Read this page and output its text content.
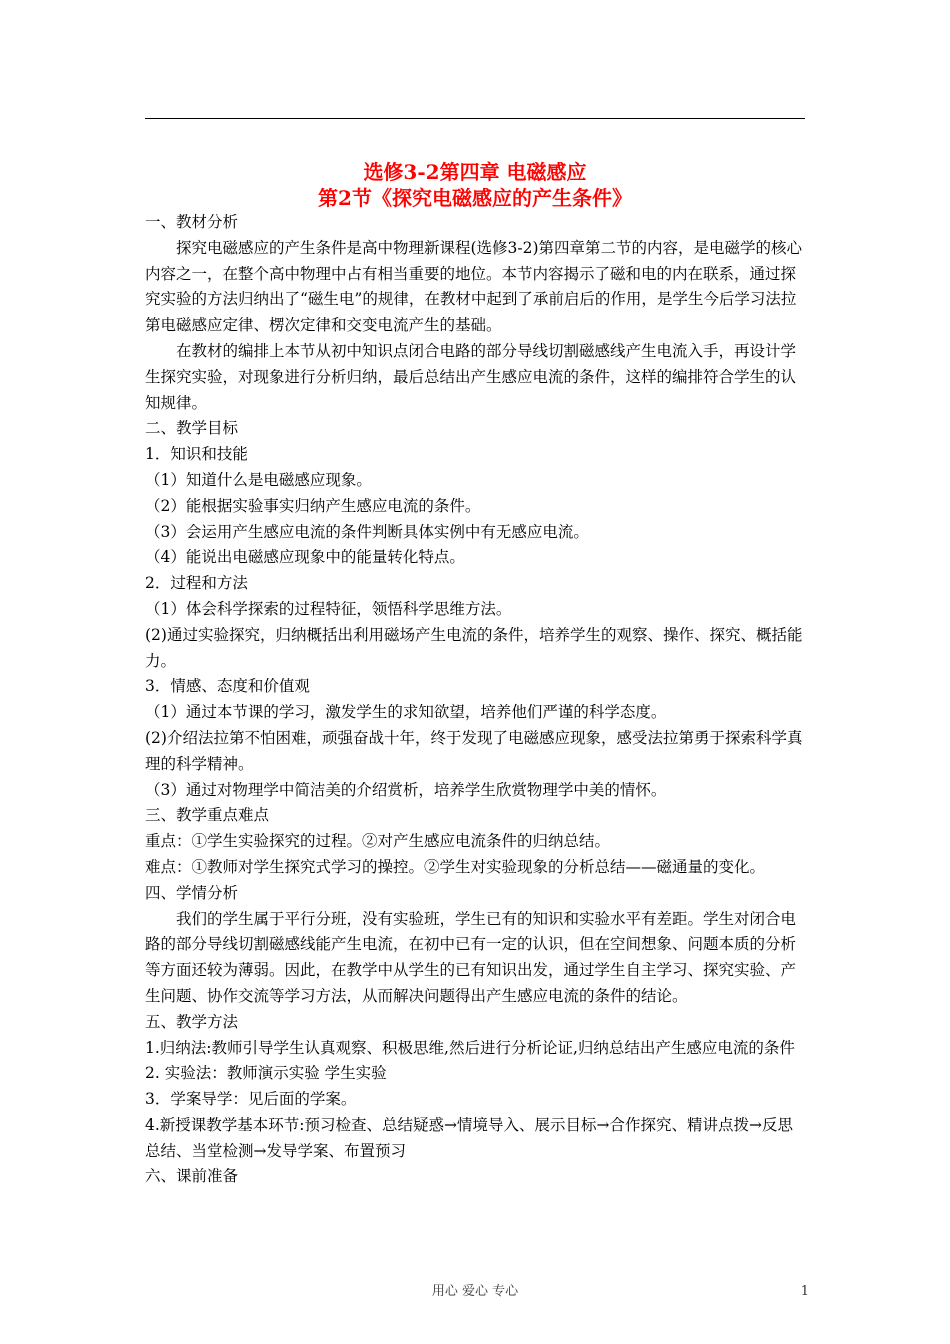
选修3-2第四章 电磁感应
第2节《探究电磁感应的产生条件》

一、教材分析

探究电磁感应的产生条件是高中物理新课程(选修3-2)第四章第二节的内容，是电磁学的核心内容之一，在整个高中物理中占有相当重要的地位。本节内容揭示了磁和电的内在联系，通过探究实验的方法归纳出了“磁生电”的规律，在教材中起到了承前启后的作用，是学生今后学习法拉第电磁感应定律、楞次定律和交变电流产生的基础。

在教材的编排上本节从初中知识点闭合电路的部分导线切割磁感线产生电流入手，再设计学生探究实验，对现象进行分析归纳，最后总结出产生感应电流的条件，这样的编排符合学生的认知规律。

二、教学目标

1．知识和技能

（1）知道什么是电磁感应现象。

（2）能根据实验事实归纳产生感应电流的条件。

（3）会运用产生感应电流的条件判断具体实例中有无感应电流。

（4）能说出电磁感应现象中的能量转化特点。

2．过程和方法

（1）体会科学探索的过程特征，领悟科学思维方法。

(2)通过实验探究，归纳概括出利用磁场产生电流的条件，培养学生的观察、操作、探究、概括能力。

3．情感、态度和价值观

（1）通过本节课的学习，激发学生的求知欲望，培养他们严谨的科学态度。

(2)介绍法拉第不怕困难，顽强奋战十年，终于发现了电磁感应现象，感受法拉第勇于探索科学真理的科学精神。

（3）通过对物理学中简洁美的介绍赏析，培养学生欣赏物理学中美的情怀。

三、教学重点难点

重点：①学生实验探究的过程。②对产生感应电流条件的归纳总结。

难点：①教师对学生探究式学习的操控。②学生对实验现象的分析总结——磁通量的变化。

四、学情分析

我们的学生属于平行分班，没有实验班，学生已有的知识和实验水平有差距。学生对闭合电路的部分导线切割磁感线能产生电流，在初中已有一定的认识，但在空间想象、问题本质的分析等方面还较为薄弱。因此，在教学中从学生的已有知识出发，通过学生自主学习、探究实验、产生问题、协作交流等学习方法，从而解决问题得出产生感应电流的条件的结论。

五、教学方法

1.归纳法:教师引导学生认真观察、积极思维,然后进行分析论证,归纳总结出产生感应电流的条件

2. 实验法：教师演示实验 学生实验

3．学案导学：见后面的学案。

4.新授课教学基本环节:预习检查、总结疑惑→情境导入、展示目标→合作探究、精讲点拨→反思总结、当堂检测→发导学案、布置预习

六、课前准备

用心 爱心 专心	1
